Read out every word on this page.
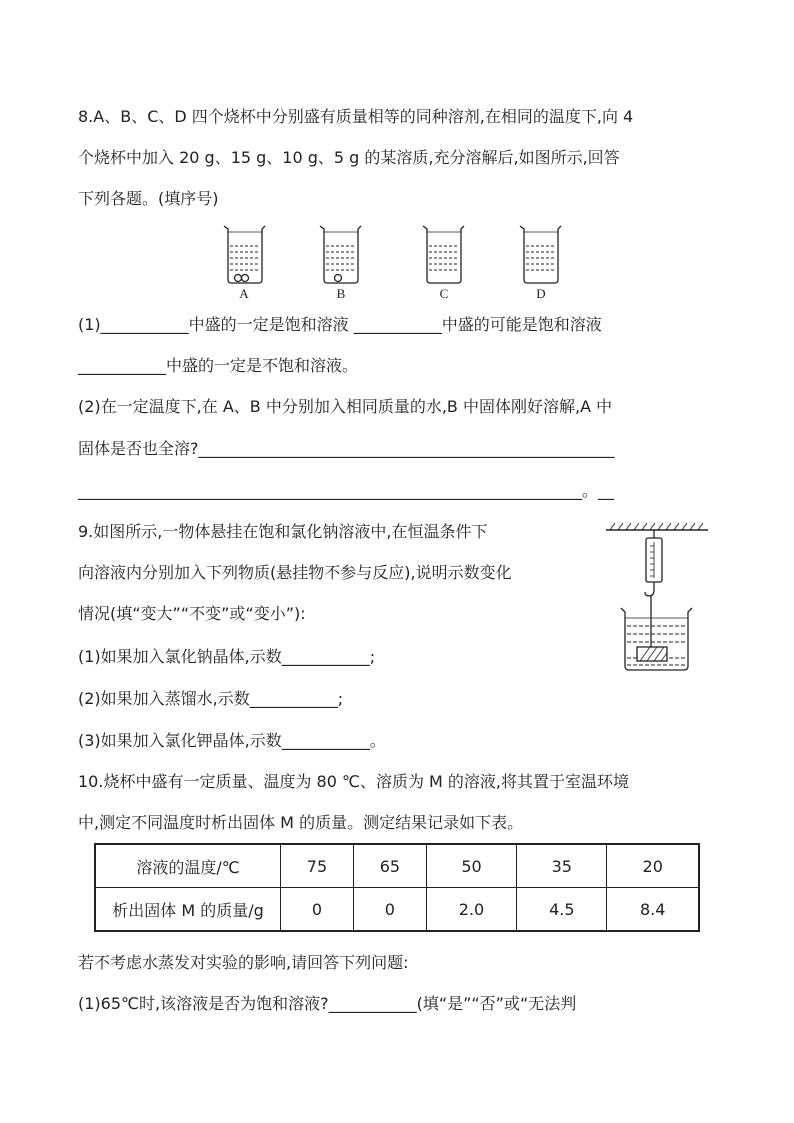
8.A、B、C、D 四个烧杯中分别盛有质量相等的同种溶剂,在相同的温度下,向 4
个烧杯中加入 20 g、15 g、10 g、5 g 的某溶质,充分溶解后,如图所示,回答
下列各题。(填序号)
A	B	C	D
(1)___________中盛的一定是饱和溶液 ___________中盛的可能是饱和溶液
___________中盛的一定是不饱和溶液。
(2)在一定温度下,在 A、B 中分别加入相同质量的水,B 中固体刚好溶解,A 中
固体是否也全溶?____________________________________________________
_______________________________________________________________。__
9.如图所示,一物体悬挂在饱和氯化钠溶液中,在恒温条件下
向溶液内分别加入下列物质(悬挂物不参与反应),说明示数变化
情况(填“变大”“不变”或“变小”):
(1)如果加入氯化钠晶体,示数___________;
(2)如果加入蒸馏水,示数___________;
(3)如果加入氯化钾晶体,示数___________。
10.烧杯中盛有一定质量、温度为 80 ℃、溶质为 M 的溶液,将其置于室温环境
中,测定不同温度时析出固体 M 的质量。测定结果记录如下表。
溶液的温度/℃	75	65	50	35	20
析出固体 M 的质量/g	0	0	2.0	4.5	8.4
若不考虑水蒸发对实验的影响,请回答下列问题:
(1)65℃时,该溶液是否为饱和溶液?___________(填“是”“否”或“无法判
